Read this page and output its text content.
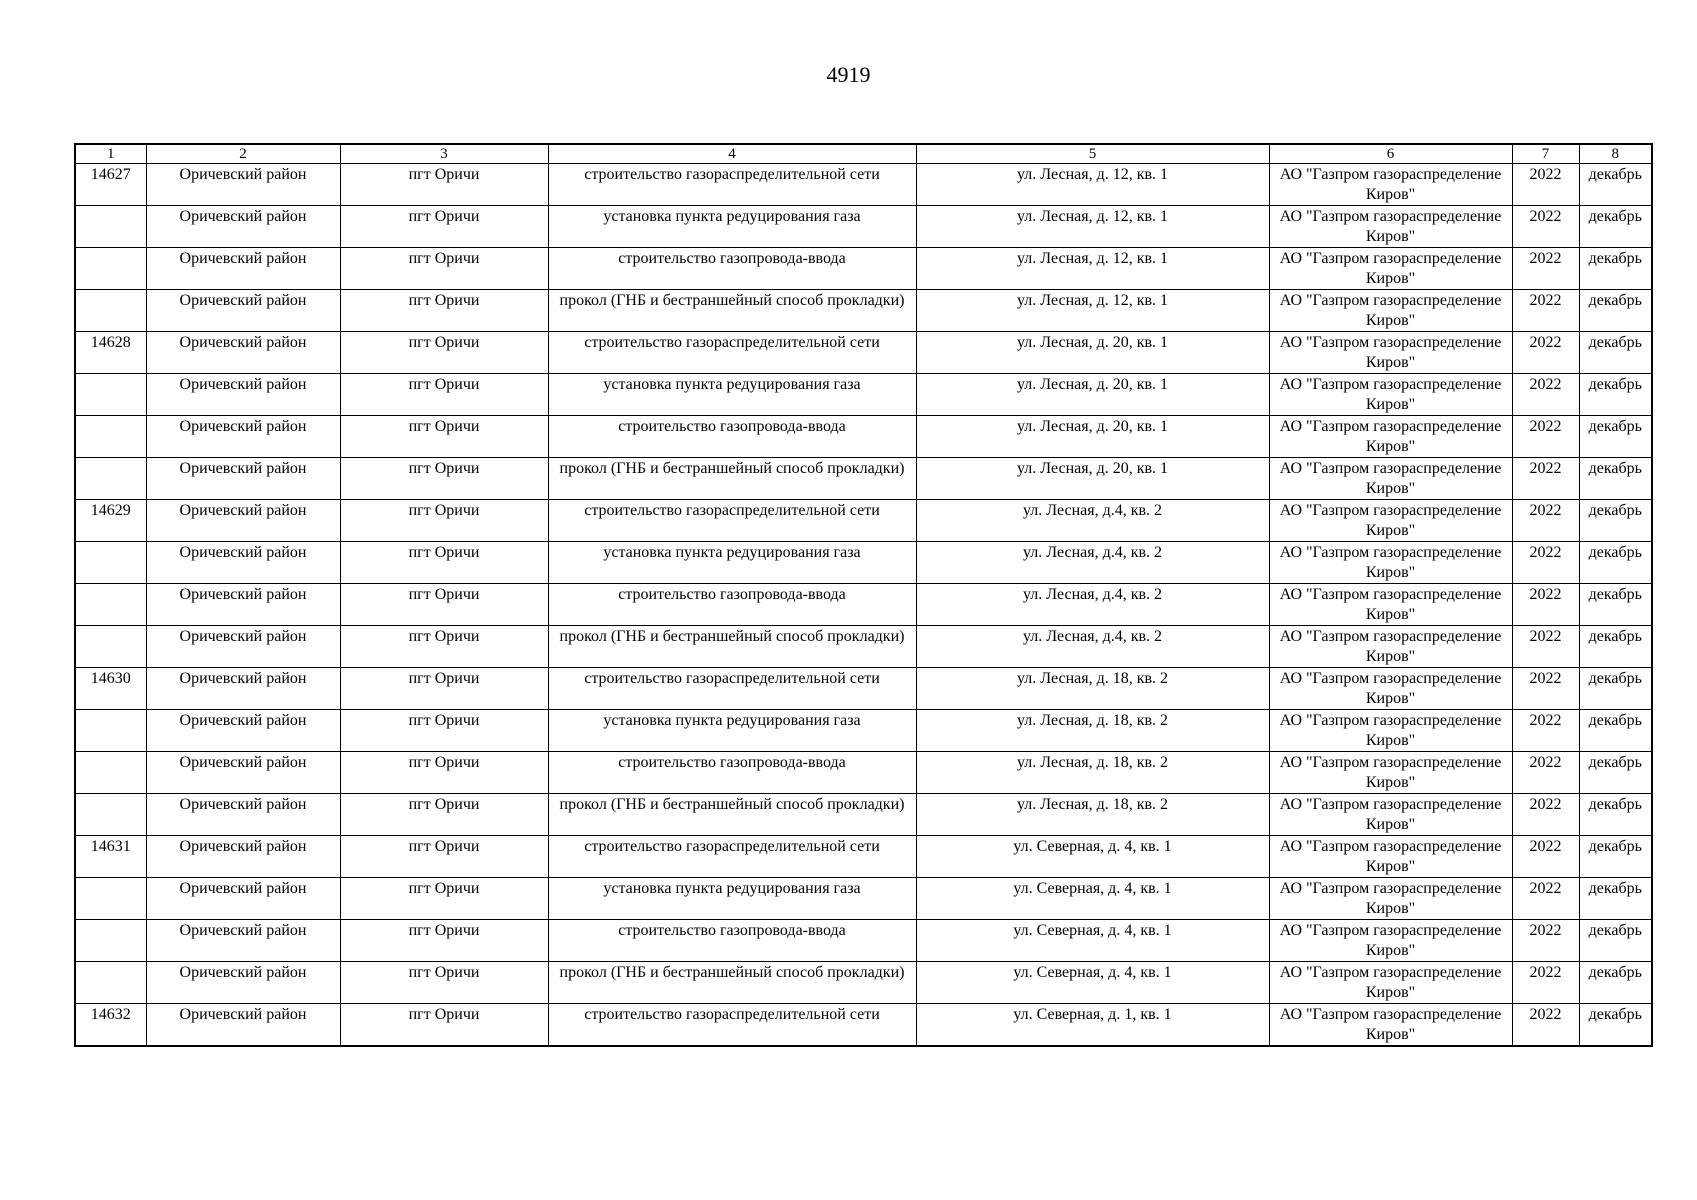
4919
1	2	3	4	5	6	7	8
14627	Оричевский район	пгт Оричи	строительство газораспределительной сети	ул. Лесная, д. 12, кв. 1	АО "Газпром газораспределение Киров"	2022	декабрь
	Оричевский район	пгт Оричи	установка пункта редуцирования газа	ул. Лесная, д. 12, кв. 1	АО "Газпром газораспределение Киров"	2022	декабрь
	Оричевский район	пгт Оричи	строительство газопровода-ввода	ул. Лесная, д. 12, кв. 1	АО "Газпром газораспределение Киров"	2022	декабрь
	Оричевский район	пгт Оричи	прокол (ГНБ и бестраншейный способ прокладки)	ул. Лесная, д. 12, кв. 1	АО "Газпром газораспределение Киров"	2022	декабрь
14628	Оричевский район	пгт Оричи	строительство газораспределительной сети	ул. Лесная, д. 20, кв. 1	АО "Газпром газораспределение Киров"	2022	декабрь
	Оричевский район	пгт Оричи	установка пункта редуцирования газа	ул. Лесная, д. 20, кв. 1	АО "Газпром газораспределение Киров"	2022	декабрь
	Оричевский район	пгт Оричи	строительство газопровода-ввода	ул. Лесная, д. 20, кв. 1	АО "Газпром газораспределение Киров"	2022	декабрь
	Оричевский район	пгт Оричи	прокол (ГНБ и бестраншейный способ прокладки)	ул. Лесная, д. 20, кв. 1	АО "Газпром газораспределение Киров"	2022	декабрь
14629	Оричевский район	пгт Оричи	строительство газораспределительной сети	ул. Лесная, д.4, кв. 2	АО "Газпром газораспределение Киров"	2022	декабрь
	Оричевский район	пгт Оричи	установка пункта редуцирования газа	ул. Лесная, д.4, кв. 2	АО "Газпром газораспределение Киров"	2022	декабрь
	Оричевский район	пгт Оричи	строительство газопровода-ввода	ул. Лесная, д.4, кв. 2	АО "Газпром газораспределение Киров"	2022	декабрь
	Оричевский район	пгт Оричи	прокол (ГНБ и бестраншейный способ прокладки)	ул. Лесная, д.4, кв. 2	АО "Газпром газораспределение Киров"	2022	декабрь
14630	Оричевский район	пгт Оричи	строительство газораспределительной сети	ул. Лесная, д. 18, кв. 2	АО "Газпром газораспределение Киров"	2022	декабрь
	Оричевский район	пгт Оричи	установка пункта редуцирования газа	ул. Лесная, д. 18, кв. 2	АО "Газпром газораспределение Киров"	2022	декабрь
	Оричевский район	пгт Оричи	строительство газопровода-ввода	ул. Лесная, д. 18, кв. 2	АО "Газпром газораспределение Киров"	2022	декабрь
	Оричевский район	пгт Оричи	прокол (ГНБ и бестраншейный способ прокладки)	ул. Лесная, д. 18, кв. 2	АО "Газпром газораспределение Киров"	2022	декабрь
14631	Оричевский район	пгт Оричи	строительство газораспределительной сети	ул. Северная, д. 4, кв. 1	АО "Газпром газораспределение Киров"	2022	декабрь
	Оричевский район	пгт Оричи	установка пункта редуцирования газа	ул. Северная, д. 4, кв. 1	АО "Газпром газораспределение Киров"	2022	декабрь
	Оричевский район	пгт Оричи	строительство газопровода-ввода	ул. Северная, д. 4, кв. 1	АО "Газпром газораспределение Киров"	2022	декабрь
	Оричевский район	пгт Оричи	прокол (ГНБ и бестраншейный способ прокладки)	ул. Северная, д. 4, кв. 1	АО "Газпром газораспределение Киров"	2022	декабрь
14632	Оричевский район	пгт Оричи	строительство газораспределительной сети	ул. Северная, д. 1, кв. 1	АО "Газпром газораспределение Киров"	2022	декабрь
